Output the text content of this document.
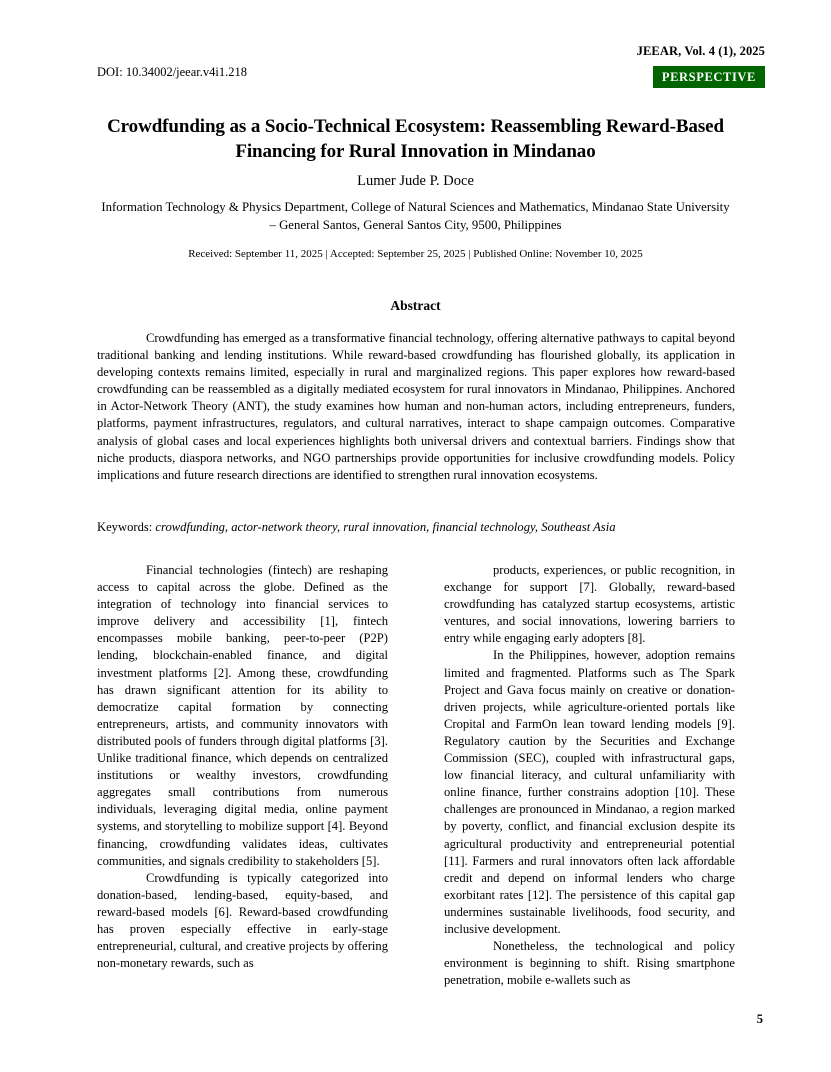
JEEAR, Vol. 4 (1), 2025
DOI: 10.34002/jeear.v4i1.218	PERSPECTIVE
Crowdfunding as a Socio-Technical Ecosystem: Reassembling Reward-Based Financing for Rural Innovation in Mindanao
Lumer Jude P. Doce
Information Technology & Physics Department, College of Natural Sciences and Mathematics, Mindanao State University – General Santos, General Santos City, 9500, Philippines
Received: September 11, 2025 | Accepted: September 25, 2025 | Published Online: November 10, 2025
Abstract
Crowdfunding has emerged as a transformative financial technology, offering alternative pathways to capital beyond traditional banking and lending institutions. While reward-based crowdfunding has flourished globally, its application in developing contexts remains limited, especially in rural and marginalized regions. This paper explores how reward-based crowdfunding can be reassembled as a digitally mediated ecosystem for rural innovators in Mindanao, Philippines. Anchored in Actor-Network Theory (ANT), the study examines how human and non-human actors, including entrepreneurs, funders, platforms, payment infrastructures, regulators, and cultural narratives, interact to shape campaign outcomes. Comparative analysis of global cases and local experiences highlights both universal drivers and contextual barriers. Findings show that niche products, diaspora networks, and NGO partnerships provide opportunities for inclusive crowdfunding models. Policy implications and future research directions are identified to strengthen rural innovation ecosystems.
Keywords: crowdfunding, actor-network theory, rural innovation, financial technology, Southeast Asia

Financial technologies (fintech) are reshaping access to capital across the globe. Defined as the integration of technology into financial services to improve delivery and accessibility [1], fintech encompasses mobile banking, peer-to-peer (P2P) lending, blockchain-enabled finance, and digital investment platforms [2]. Among these, crowdfunding has drawn significant attention for its ability to democratize capital formation by connecting entrepreneurs, artists, and community innovators with distributed pools of funders through digital platforms [3]. Unlike traditional finance, which depends on centralized institutions or wealthy investors, crowdfunding aggregates small contributions from numerous individuals, leveraging digital media, online payment systems, and storytelling to mobilize support [4]. Beyond financing, crowdfunding validates ideas, cultivates communities, and signals credibility to stakeholders [5].

Crowdfunding is typically categorized into donation-based, lending-based, equity-based, and reward-based models [6]. Reward-based crowdfunding has proven especially effective in early-stage entrepreneurial, cultural, and creative projects by offering non-monetary rewards, such as

products, experiences, or public recognition, in exchange for support [7]. Globally, reward-based crowdfunding has catalyzed startup ecosystems, artistic ventures, and social innovations, lowering barriers to entry while engaging early adopters [8].

In the Philippines, however, adoption remains limited and fragmented. Platforms such as The Spark Project and Gava focus mainly on creative or donation-driven projects, while agriculture-oriented portals like Cropital and FarmOn lean toward lending models [9]. Regulatory caution by the Securities and Exchange Commission (SEC), coupled with infrastructural gaps, low financial literacy, and cultural unfamiliarity with online finance, further constrains adoption [10]. These challenges are pronounced in Mindanao, a region marked by poverty, conflict, and financial exclusion despite its agricultural productivity and entrepreneurial potential [11]. Farmers and rural innovators often lack affordable credit and depend on informal lenders who charge exorbitant rates [12]. The persistence of this capital gap undermines sustainable livelihoods, food security, and inclusive development.

Nonetheless, the technological and policy environment is beginning to shift. Rising smartphone penetration, mobile e-wallets such as

5
